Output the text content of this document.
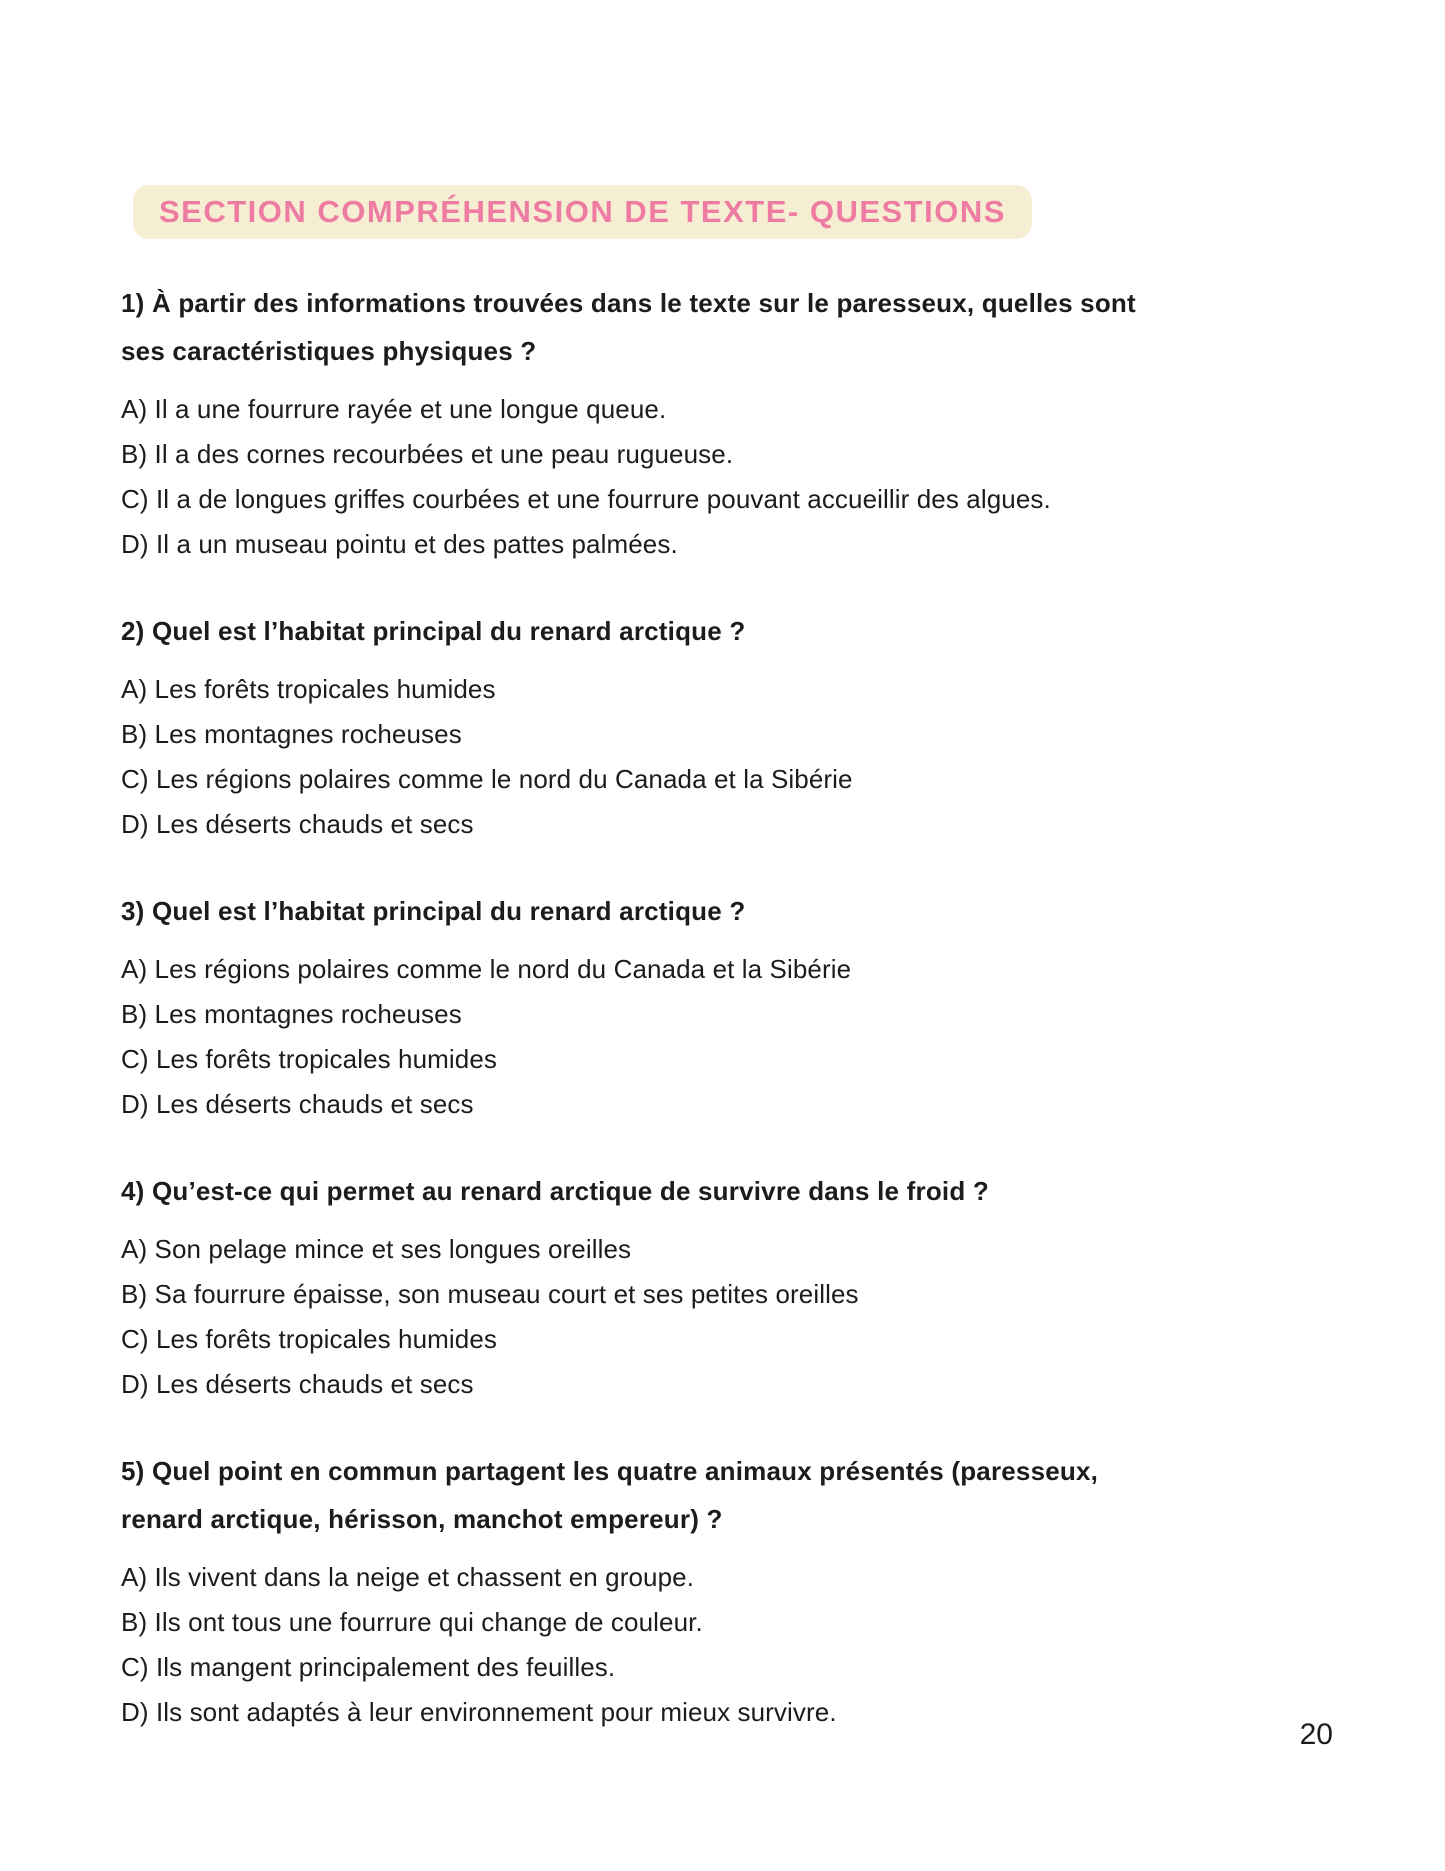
SECTION COMPRÉHENSION DE TEXTE- QUESTIONS
1) À partir des informations trouvées dans le texte sur le paresseux, quelles sont ses caractéristiques physiques ?
A) Il a une fourrure rayée et une longue queue.
B) Il a des cornes recourbées et une peau rugueuse.
C) Il a de longues griffes courbées et une fourrure pouvant accueillir des algues.
D) Il a un museau pointu et des pattes palmées.
2) Quel est l’habitat principal du renard arctique ?
A) Les forêts tropicales humides
B) Les montagnes rocheuses
C) Les régions polaires comme le nord du Canada et la Sibérie
D) Les déserts chauds et secs
3) Quel est l’habitat principal du renard arctique ?
A) Les régions polaires comme le nord du Canada et la Sibérie
B) Les montagnes rocheuses
C) Les forêts tropicales humides
D) Les déserts chauds et secs
4) Qu’est-ce qui permet au renard arctique de survivre dans le froid ?
A) Son pelage mince et ses longues oreilles
B) Sa fourrure épaisse, son museau court et ses petites oreilles
C) Les forêts tropicales humides
D) Les déserts chauds et secs
5) Quel point en commun partagent les quatre animaux présentés (paresseux, renard arctique, hérisson, manchot empereur) ?
A) Ils vivent dans la neige et chassent en groupe.
B) Ils ont tous une fourrure qui change de couleur.
C) Ils mangent principalement des feuilles.
D) Ils sont adaptés à leur environnement pour mieux survivre.
20
